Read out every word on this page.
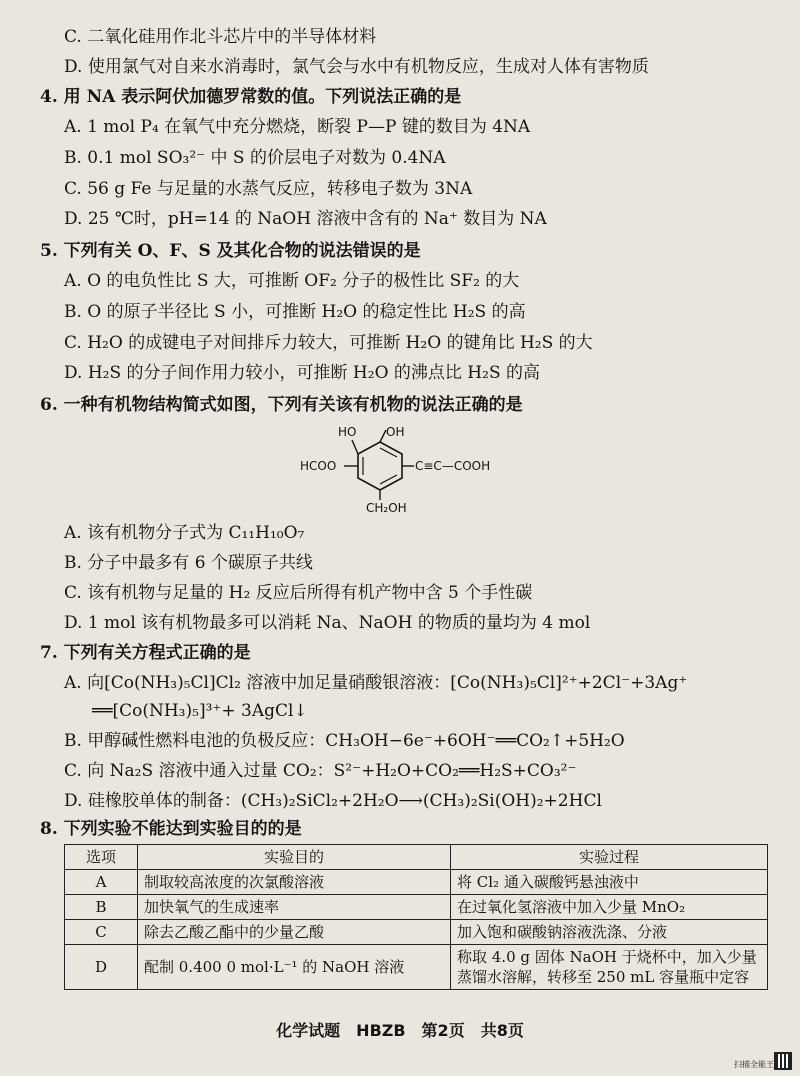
C. 二氧化硅用作北斗芯片中的半导体材料
D. 使用氯气对自来水消毒时，氯气会与水中有机物反应，生成对人体有害物质
4. 用 NA 表示阿伏加德罗常数的值。下列说法正确的是
A. 1 mol P₄ 在氧气中充分燃烧，断裂 P—P 键的数目为 4NA
B. 0.1 mol SO₃²⁻ 中 S 的价层电子对数为 0.4NA
C. 56 g Fe 与足量的水蒸气反应，转移电子数为 3NA
D. 25 ℃时，pH=14 的 NaOH 溶液中含有的 Na⁺ 数目为 NA
5. 下列有关 O、F、S 及其化合物的说法错误的是
A. O 的电负性比 S 大，可推断 OF₂ 分子的极性比 SF₂ 的大
B. O 的原子半径比 S 小，可推断 H₂O 的稳定性比 H₂S 的高
C. H₂O 的成键电子对间排斥力较大，可推断 H₂O 的键角比 H₂S 的大
D. H₂S 的分子间作用力较小，可推断 H₂O 的沸点比 H₂S 的高
6. 一种有机物结构简式如图，下列有关该有机物的说法正确的是
HO OH
HCOO	C≡C—COOH
CH₂OH
A. 该有机物分子式为 C₁₁H₁₀O₇
B. 分子中最多有 6 个碳原子共线
C. 该有机物与足量的 H₂ 反应后所得有机产物中含 5 个手性碳
D. 1 mol 该有机物最多可以消耗 Na、NaOH 的物质的量均为 4 mol
7. 下列有关方程式正确的是
A. 向[Co(NH₃)₅Cl]Cl₂ 溶液中加足量硝酸银溶液：[Co(NH₃)₅Cl]²⁺+2Cl⁻+3Ag⁺
══[Co(NH₃)₅]³⁺+ 3AgCl↓
B. 甲醇碱性燃料电池的负极反应：CH₃OH−6e⁻+6OH⁻══CO₂↑+5H₂O
C. 向 Na₂S 溶液中通入过量 CO₂：S²⁻+H₂O+CO₂══H₂S+CO₃²⁻
D. 硅橡胶单体的制备：(CH₃)₂SiCl₂+2H₂O⟶(CH₃)₂Si(OH)₂+2HCl
8. 下列实验不能达到实验目的的是
选项	实验目的	实验过程
A	制取较高浓度的次氯酸溶液	将 Cl₂ 通入碳酸钙悬浊液中
B	加快氧气的生成速率	在过氧化氢溶液中加入少量 MnO₂
C	除去乙酸乙酯中的少量乙酸	加入饱和碳酸钠溶液洗涤、分液
D	配制 0.400 0 mol·L⁻¹ 的 NaOH 溶液	称取 4.0 g 固体 NaOH 于烧杯中，加入少量蒸馏水溶解，转移至 250 mL 容量瓶中定容
化学试题　HBZB　第2页　共8页
扫描全能王
